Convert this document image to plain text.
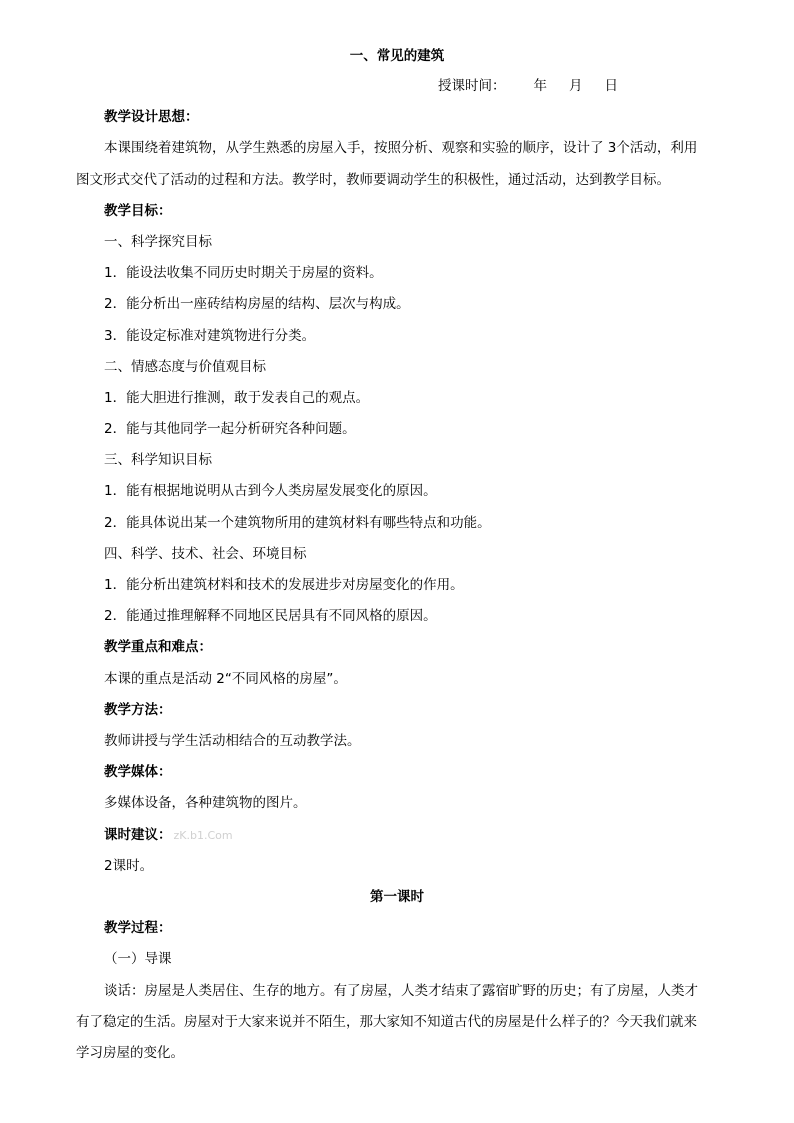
一、常见的建筑
授课时间： 年 月 日
教学设计思想：
本课围绕着建筑物，从学生熟悉的房屋入手，按照分析、观察和实验的顺序，设计了 3个活动，利用
图文形式交代了活动的过程和方法。教学时，教师要调动学生的积极性，通过活动，达到教学目标。
教学目标：
一、科学探究目标
1．能设法收集不同历史时期关于房屋的资料。
2．能分析出一座砖结构房屋的结构、层次与构成。
3．能设定标准对建筑物进行分类。
二、情感态度与价值观目标
1．能大胆进行推测，敢于发表自己的观点。
2．能与其他同学一起分析研究各种问题。
三、科学知识目标
1．能有根据地说明从古到今人类房屋发展变化的原因。
2．能具体说出某一个建筑物所用的建筑材料有哪些特点和功能。
四、科学、技术、社会、环境目标
1．能分析出建筑材料和技术的发展进步对房屋变化的作用。
2．能通过推理解释不同地区民居具有不同风格的原因。
教学重点和难点：
本课的重点是活动 2“不同风格的房屋”。
教学方法：
教师讲授与学生活动相结合的互动教学法。
教学媒体：
多媒体设备，各种建筑物的图片。
课时建议： zK.b1.Com
2课时。
第一课时
教学过程：
（一）导课
谈话：房屋是人类居住、生存的地方。有了房屋，人类才结束了露宿旷野的历史；有了房屋，人类才
有了稳定的生活。房屋对于大家来说并不陌生，那大家知不知道古代的房屋是什么样子的？今天我们就来
学习房屋的变化。
